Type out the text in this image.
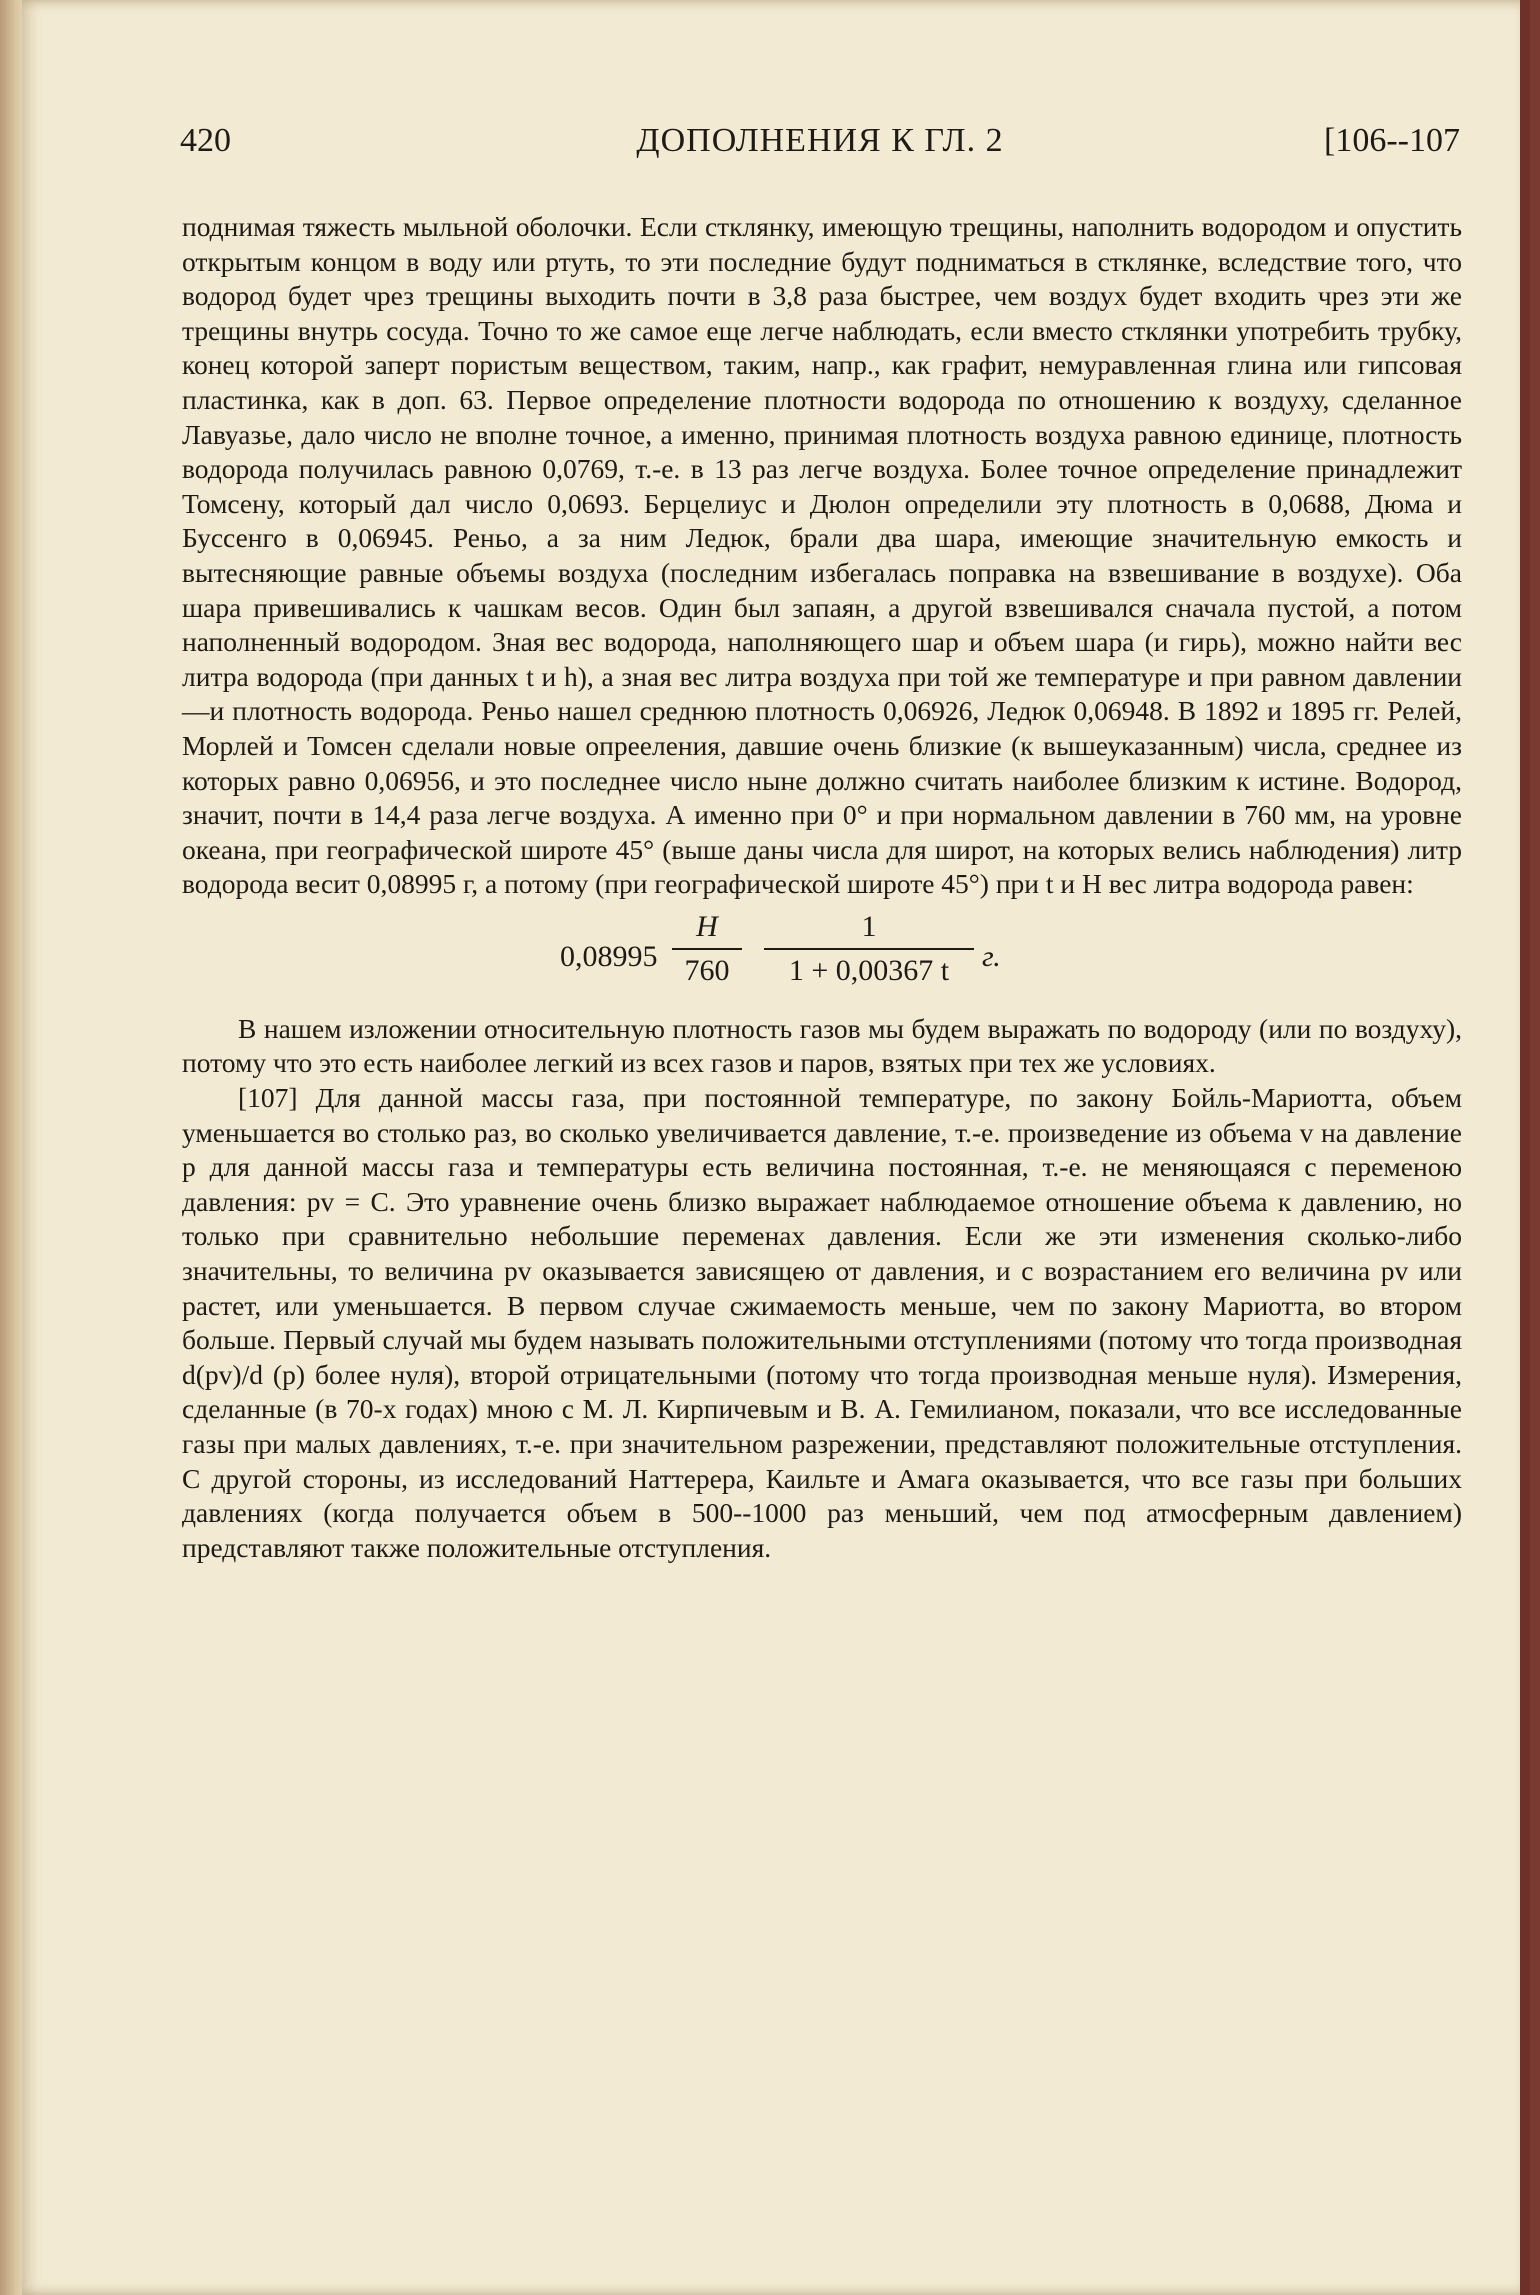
420	ДОПОЛНЕНИЯ К ГЛ. 2	[106--107

поднимая тяжесть мыльной оболочки. Если стклянку, имеющую трещины, наполнить водородом и опустить открытым концом в воду или ртуть, то эти последние будут подниматься в стклянке, вследствие того, что водород будет чрез трещины выходить почти в 3,8 раза быстрее, чем воздух будет входить чрез эти же трещины внутрь сосуда. Точно то же самое еще легче наблюдать, если вместо стклянки употребить трубку, конец которой заперт пористым веществом, таким, напр., как графит, немуравленная глина или гипсовая пластинка, как в доп. 63. Первое определение плотности водорода по отношению к воздуху, сделанное Лавуазье, дало число не вполне точное, а именно, принимая плотность воздуха равною единице, плотность водорода получилась равною 0,0769, т.-е. в 13 раз легче воздуха. Более точное определение принадлежит Томсену, который дал число 0,0693. Берцелиус и Дюлон определили эту плотность в 0,0688, Дюма и Буссенго в 0,06945. Реньо, а за ним Ледюк, брали два шара, имеющие значительную емкость и вытесняющие равные объемы воздуха (последним избегалась поправка на взвешивание в воздухе). Оба шара привешивались к чашкам весов. Один был запаян, а другой взвешивался сначала пустой, а потом наполненный водородом. Зная вес водорода, наполняющего шар и объем шара (и гирь), можно найти вес литра водорода (при данных t и h), а зная вес литра воздуха при той же температуре и при равном давлении—и плотность водорода. Реньо нашел среднюю плотность 0,06926, Ледюк 0,06948. В 1892 и 1895 гг. Релей, Морлей и Томсен сделали новые опрееления, давшие очень близкие (к вышеуказанным) числа, среднее из которых равно 0,06956, и это последнее число ныне должно считать наиболее близким к истине. Водород, значит, почти в 14,4 раза легче воздуха. А именно при 0° и при нормальном давлении в 760 мм, на уровне океана, при географической широте 45° (выше даны числа для широт, на которых велись наблюдения) литр водорода весит 0,08995 г, а потому (при географической широте 45°) при t и H вес литра водорода равен:

0,08995
H
760
1
1 + 0,00367 t	г.

В нашем изложении относительную плотность газов мы будем выражать по водороду (или по воздуху), потому что это есть наиболее легкий из всех газов и паров, взятых при тех же условиях.

[107] Для данной массы газа, при постоянной температуре, по закону Бойль-Мариотта, объем уменьшается во столько раз, во сколько увеличивается давление, т.-е. произведение из объема v на давление p для данной массы газа и температуры есть величина постоянная, т.-е. не меняющаяся с переменою давления: pv = C. Это уравнение очень близко выражает наблюдаемое отношение объема к давлению, но только при сравнительно небольшие переменах давления. Если же эти изменения сколько-либо значительны, то величина pv оказывается зависящею от давления, и с возрастанием его величина pv или растет, или уменьшается. В первом случае сжимаемость меньше, чем по закону Мариотта, во втором больше. Первый случай мы будем называть положительными отступлениями (потому что тогда производная d(pv)/d (p) более нуля), второй отрицательными (потому что тогда производная меньше нуля). Измерения, сделанные (в 70-х годах) мною с М. Л. Кирпичевым и В. А. Гемилианом, показали, что все исследованные газы при малых давлениях, т.-е. при значительном разрежении, представляют положительные отступления. С другой стороны, из исследований Наттерера, Каильте и Амага оказывается, что все газы при больших давлениях (когда получается объем в 500--1000 раз меньший, чем под атмосферным давлением) представляют также положительные отступления.
